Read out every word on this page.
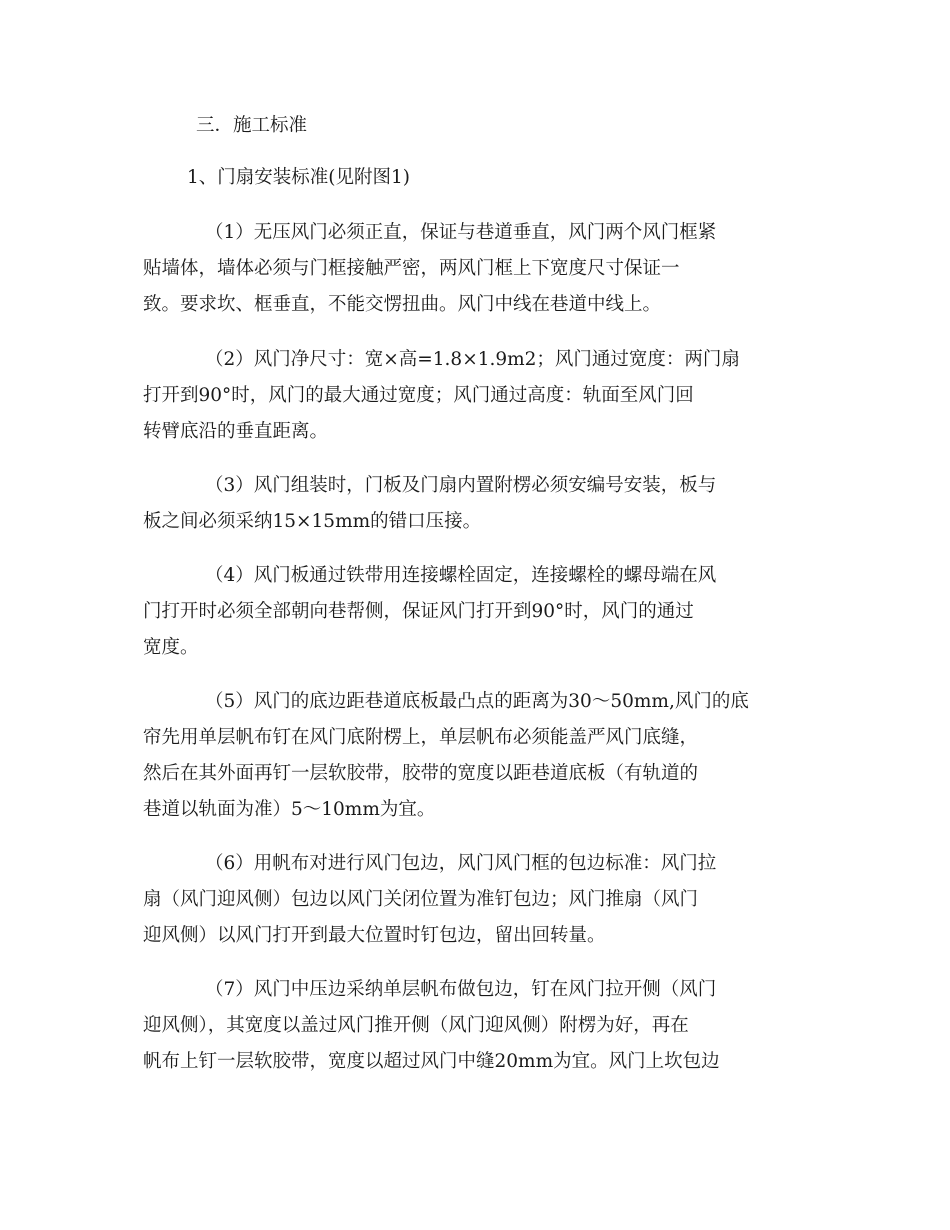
三．施工标准
1、门扇安装标准(见附图1)
（1）无压风门必须正直，保证与巷道垂直，风门两个风门框紧
贴墙体，墙体必须与门框接触严密，两风门框上下宽度尺寸保证一
致。要求坎、框垂直，不能交愣扭曲。风门中线在巷道中线上。
（2）风门净尺寸：宽×高=1.8×1.9m2；风门通过宽度：两门扇
打开到90°时，风门的最大通过宽度；风门通过高度：轨面至风门回
转臂底沿的垂直距离。
（3）风门组装时，门板及门扇内置附楞必须安编号安装，板与
板之间必须采纳15×15mm的错口压接。
（4）风门板通过铁带用连接螺栓固定，连接螺栓的螺母端在风
门打开时必须全部朝向巷帮侧，保证风门打开到90°时，风门的通过
宽度。
（5）风门的底边距巷道底板最凸点的距离为30～50mm,风门的底
帘先用单层帆布钉在风门底附楞上，单层帆布必须能盖严风门底缝，
然后在其外面再钉一层软胶带，胶带的宽度以距巷道底板（有轨道的
巷道以轨面为准）5～10mm为宜。
（6）用帆布对进行风门包边，风门风门框的包边标准：风门拉
扇（风门迎风侧）包边以风门关闭位置为准钉包边；风门推扇（风门
迎风侧）以风门打开到最大位置时钉包边，留出回转量。
（7）风门中压边采纳单层帆布做包边，钉在风门拉开侧（风门
迎风侧），其宽度以盖过风门推开侧（风门迎风侧）附楞为好，再在
帆布上钉一层软胶带，宽度以超过风门中缝20mm为宜。风门上坎包边
